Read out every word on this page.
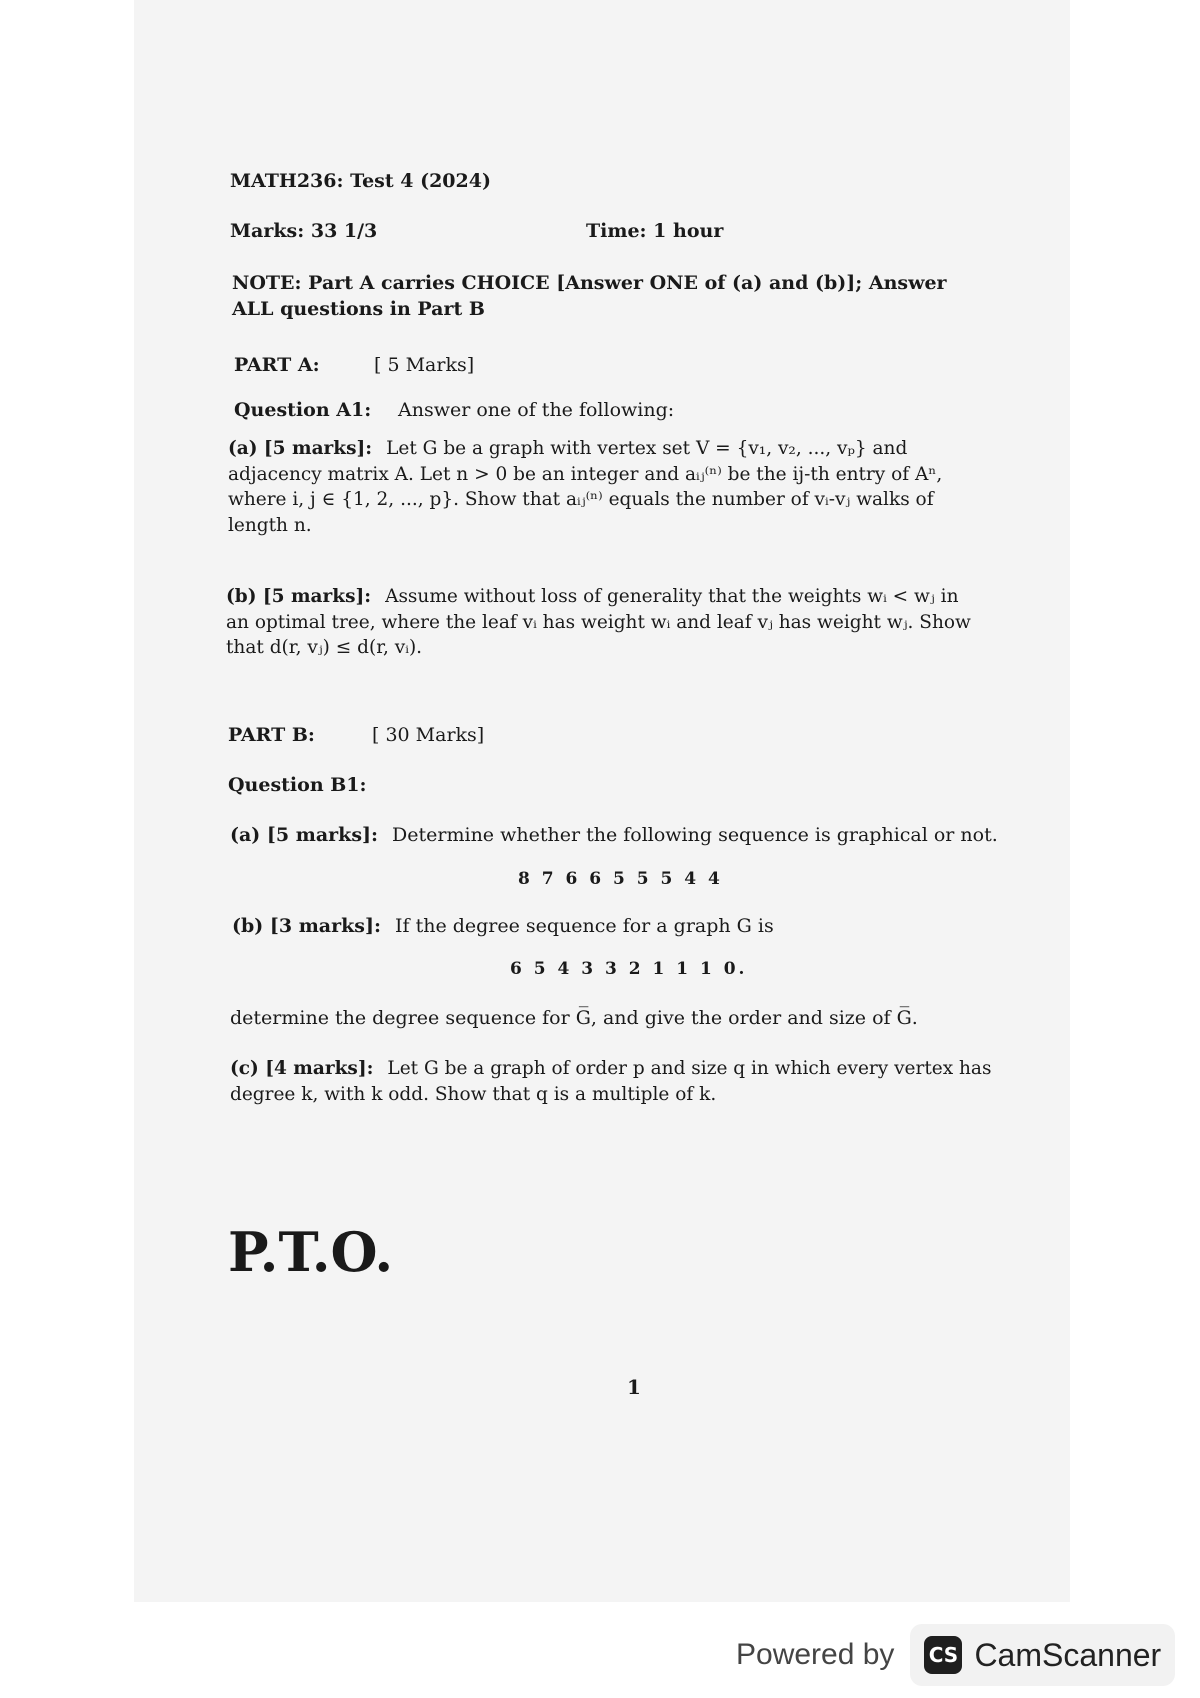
MATH236: Test 4 (2024)
Marks: 33 1/3	Time: 1 hour
NOTE: Part A carries CHOICE [Answer ONE of (a) and (b)]; Answer
ALL questions in Part B
PART A:	[ 5 Marks]
Question A1: Answer one of the following:
(a) [5 marks]: Let G be a graph with vertex set V = {v₁, v₂, ..., vₚ} and adjacency matrix A. Let n > 0 be an integer and aᵢⱼ⁽ⁿ⁾ be the ij-th entry of Aⁿ, where i, j ∈ {1, 2, ..., p}. Show that aᵢⱼ⁽ⁿ⁾ equals the number of vᵢ-vⱼ walks of length n.
(b) [5 marks]: Assume without loss of generality that the weights wᵢ < wⱼ in an optimal tree, where the leaf vᵢ has weight wᵢ and leaf vⱼ has weight wⱼ. Show that d(r, vⱼ) ≤ d(r, vᵢ).
PART B:	[ 30 Marks]
Question B1:
(a) [5 marks]: Determine whether the following sequence is graphical or not.
8 7 6 6 5 5 5 4 4
(b) [3 marks]: If the degree sequence for a graph G is
6 5 4 3 3 2 1 1 1 0.
determine the degree sequence for G̅, and give the order and size of G̅.
(c) [4 marks]: Let G be a graph of order p and size q in which every vertex has degree k, with k odd. Show that q is a multiple of k.
P.T.O.
1
Powered by CS CamScanner
